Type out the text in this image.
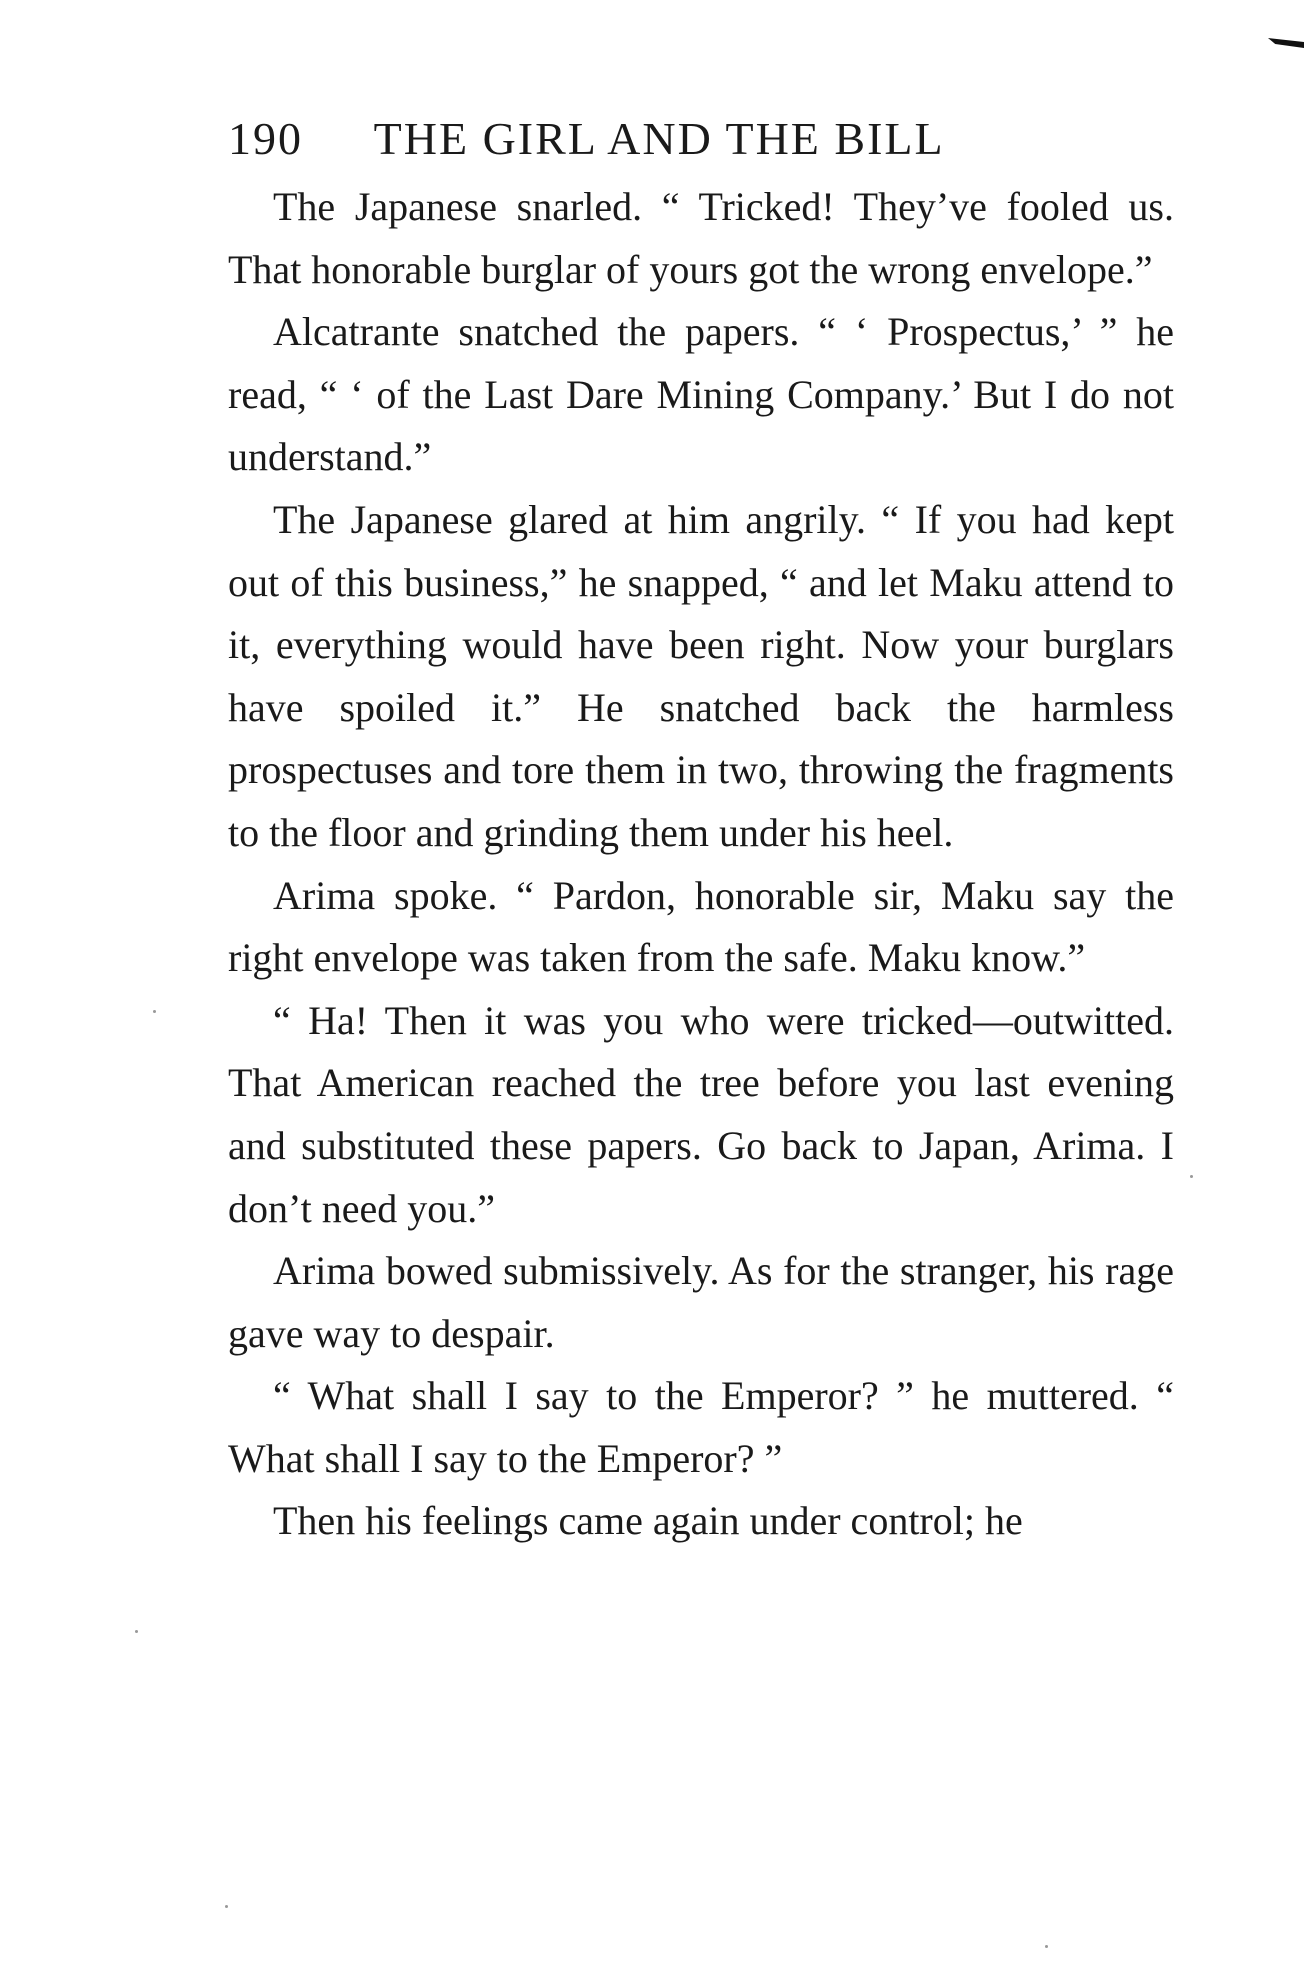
190 THE GIRL AND THE BILL

The Japanese snarled. “ Tricked! They’ve fooled us. That honorable burglar of yours got the wrong envelope.”

Alcatrante snatched the papers. “ ‘ Prospectus,’ ” he read, “ ‘ of the Last Dare Mining Company.’ But I do not understand.”

The Japanese glared at him angrily. “ If you had kept out of this business,” he snapped, “ and let Maku attend to it, everything would have been right. Now your burglars have spoiled it.” He snatched back the harmless prospectuses and tore them in two, throwing the fragments to the floor and grinding them under his heel.

Arima spoke. “ Pardon, honorable sir, Maku say the right envelope was taken from the safe. Maku know.”

“ Ha! Then it was you who were tricked—outwitted. That American reached the tree before you last evening and substituted these papers. Go back to Japan, Arima. I don’t need you.”

Arima bowed submissively. As for the stranger, his rage gave way to despair.

“ What shall I say to the Emperor? ” he muttered. “ What shall I say to the Emperor? ”

Then his feelings came again under control; he
